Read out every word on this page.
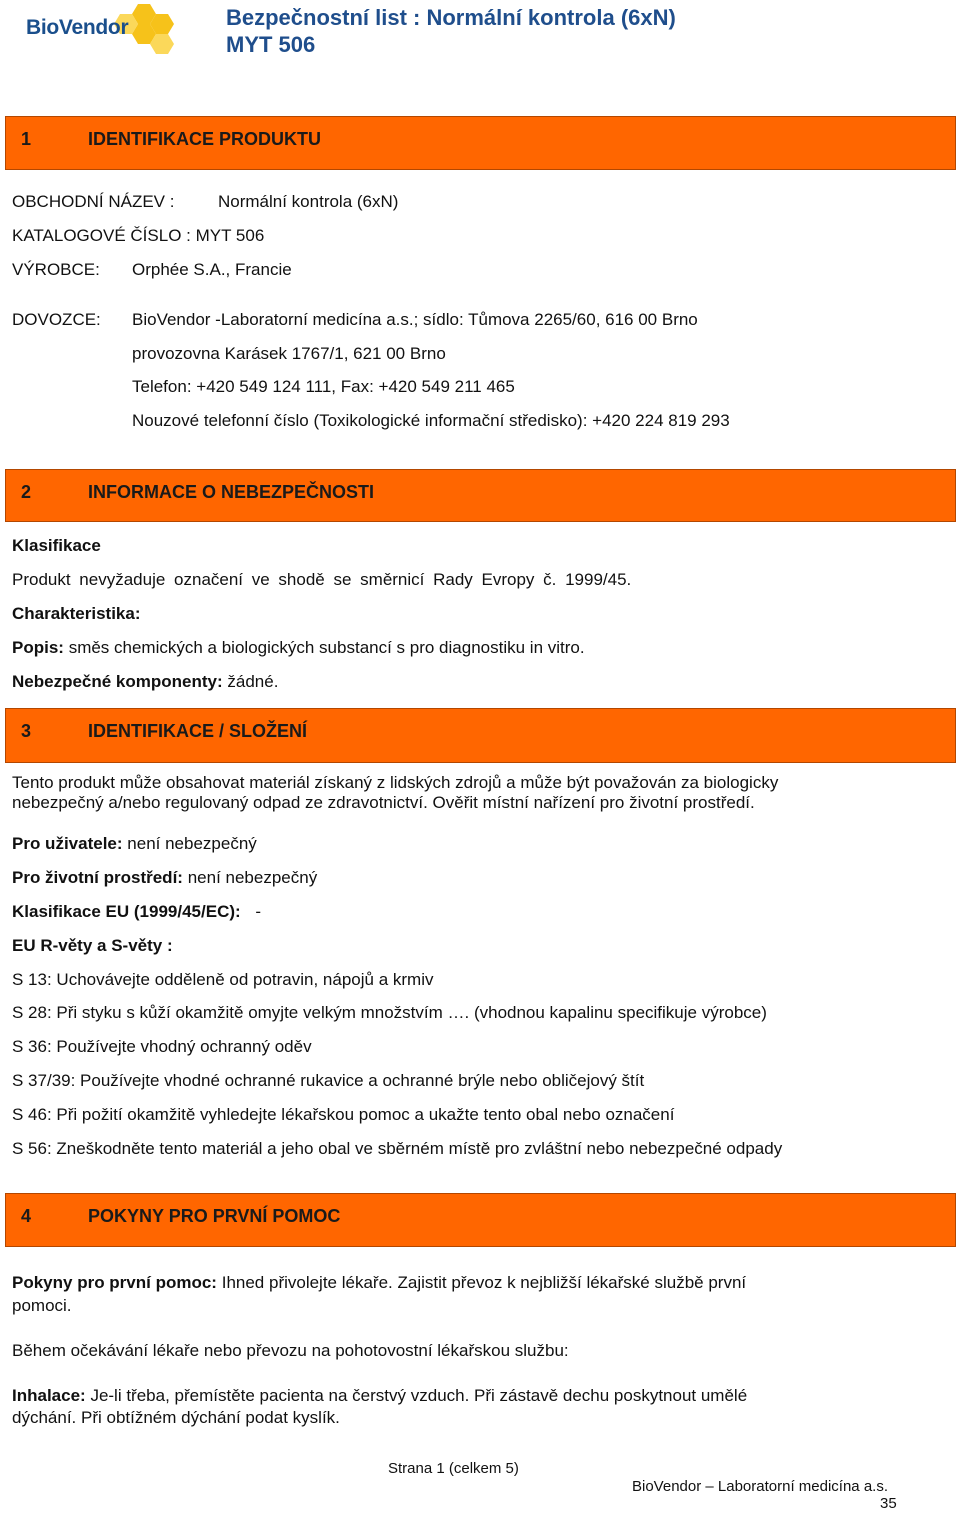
BioVendor	Bezpečnostní list : Normální kontrola (6xN)
MYT 506
1	IDENTIFIKACE PRODUKTU
OBCHODNÍ NÁZEV :	Normální kontrola (6xN)
KATALOGOVÉ ČÍSLO : MYT 506
VÝROBCE: Orphée S.A., Francie
DOVOZCE: BioVendor -Laboratorní medicína a.s.; sídlo: Tůmova 2265/60, 616 00 Brno
provozovna Karásek 1767/1, 621 00 Brno
Telefon: +420 549 124 111, Fax: +420 549 211 465
Nouzové telefonní číslo (Toxikologické informační středisko): +420 224 819 293
2	INFORMACE O NEBEZPEČNOSTI
Klasifikace
Produkt nevyžaduje označení ve shodě se směrnicí Rady Evropy č. 1999/45.
Charakteristika:
Popis: směs chemických a biologických substancí s pro diagnostiku in vitro.
Nebezpečné komponenty: žádné.
3	IDENTIFIKACE / SLOŽENÍ
Tento produkt může obsahovat materiál získaný z lidských zdrojů a může být považován za biologicky
nebezpečný a/nebo regulovaný odpad ze zdravotnictví. Ověřit místní nařízení pro životní prostředí.
Pro uživatele: není nebezpečný
Pro životní prostředí: není nebezpečný
Klasifikace EU (1999/45/EC): -
EU R-věty a S-věty :
S 13: Uchovávejte odděleně od potravin, nápojů a krmiv
S 28: Při styku s kůží okamžitě omyjte velkým množstvím …. (vhodnou kapalinu specifikuje výrobce)
S 36: Používejte vhodný ochranný oděv
S 37/39: Používejte vhodné ochranné rukavice a ochranné brýle nebo obličejový štít
S 46: Při požití okamžitě vyhledejte lékařskou pomoc a ukažte tento obal nebo označení
S 56: Zneškodněte tento materiál a jeho obal ve sběrném místě pro zvláštní nebo nebezpečné odpady
4	POKYNY PRO PRVNÍ POMOC
Pokyny pro první pomoc: Ihned přivolejte lékaře. Zajistit převoz k nejbližší lékařské službě první
pomoci.
Během očekávání lékaře nebo převozu na pohotovostní lékařskou službu:
Inhalace: Je-li třeba, přemístěte pacienta na čerstvý vzduch. Při zástavě dechu poskytnout umělé
dýchání. Při obtížném dýchání podat kyslík.
Strana 1 (celkem 5)
BioVendor – Laboratorní medicína a.s.
35
